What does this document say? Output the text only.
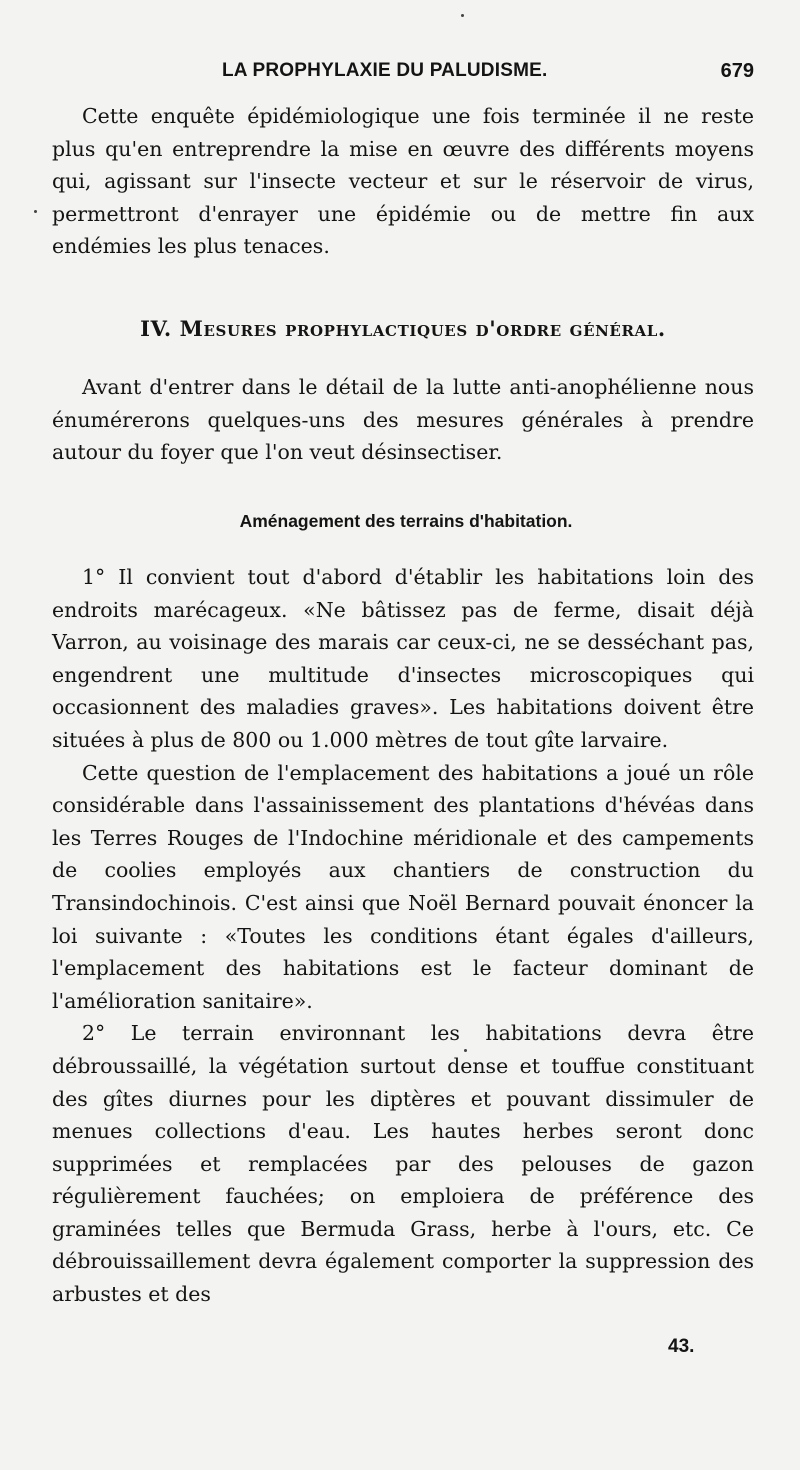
LA PROPHYLAXIE DU PALUDISME.	679

Cette enquête épidémiologique une fois terminée il ne reste plus qu'en entreprendre la mise en œuvre des différents moyens qui, agissant sur l'insecte vecteur et sur le réservoir de virus, permettront d'enrayer une épidémie ou de mettre fin aux endémies les plus tenaces.

IV. Mesures prophylactiques d'ordre général.

Avant d'entrer dans le détail de la lutte anti-anophélienne nous énumérerons quelques-uns des mesures générales à prendre autour du foyer que l'on veut désinsectiser.

Aménagement des terrains d'habitation.

1° Il convient tout d'abord d'établir les habitations loin des endroits marécageux. «Ne bâtissez pas de ferme, disait déjà Varron, au voisinage des marais car ceux-ci, ne se desséchant pas, engendrent une multitude d'insectes microscopiques qui occasionnent des maladies graves». Les habitations doivent être situées à plus de 800 ou 1.000 mètres de tout gîte larvaire.

Cette question de l'emplacement des habitations a joué un rôle considérable dans l'assainissement des plantations d'hévéas dans les Terres Rouges de l'Indochine méridionale et des campements de coolies employés aux chantiers de construction du Transindochinois. C'est ainsi que Noël Bernard pouvait énoncer la loi suivante : «Toutes les conditions étant égales d'ailleurs, l'emplacement des habitations est le facteur dominant de l'amélioration sanitaire».

2° Le terrain environnant les habitations devra être débroussaillé, la végétation surtout dense et touffue constituant des gîtes diurnes pour les diptères et pouvant dissimuler de menues collections d'eau. Les hautes herbes seront donc supprimées et remplacées par des pelouses de gazon régulièrement fauchées; on emploiera de préférence des graminées telles que Bermuda Grass, herbe à l'ours, etc. Ce débrouissaillement devra également comporter la suppression des arbustes et des

43.
